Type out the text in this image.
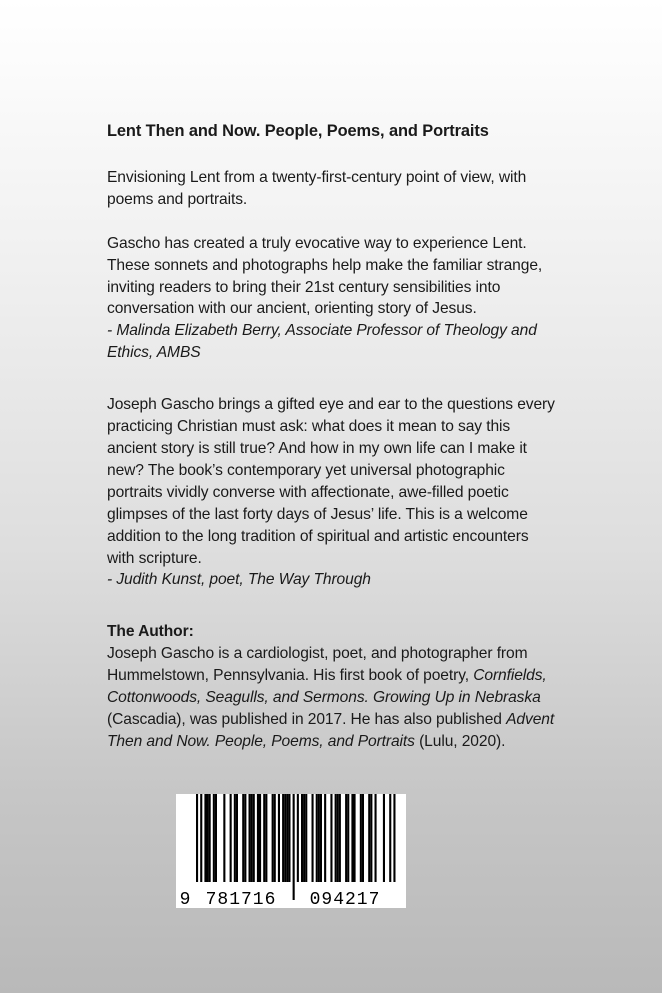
Lent Then and Now. People, Poems, and Portraits

Envisioning Lent from a twenty-first-century point of view, with poems and portraits.

Gascho has created a truly evocative way to experience Lent. These sonnets and photographs help make the familiar strange, inviting readers to bring their 21st century sensibilities into conversation with our ancient, orienting story of Jesus.

- Malinda Elizabeth Berry, Associate Professor of Theology and Ethics, AMBS

Joseph Gascho brings a gifted eye and ear to the questions every practicing Christian must ask: what does it mean to say this ancient story is still true? And how in my own life can I make it new? The book’s contemporary yet universal photographic portraits vividly converse with affectionate, awe-filled poetic glimpses of the last forty days of Jesus’ life. This is a welcome addition to the long tradition of spiritual and artistic encounters with scripture.

- Judith Kunst, poet, The Way Through

The Author:

Joseph Gascho is a cardiologist, poet, and photographer from Hummelstown, Pennsylvania. His first book of poetry, Cornfields, Cottonwoods, Seagulls, and Sermons. Growing Up in Nebraska (Cascadia), was published in 2017. He has also published Advent Then and Now. People, Poems, and Portraits (Lulu, 2020).

9 781716 094217
